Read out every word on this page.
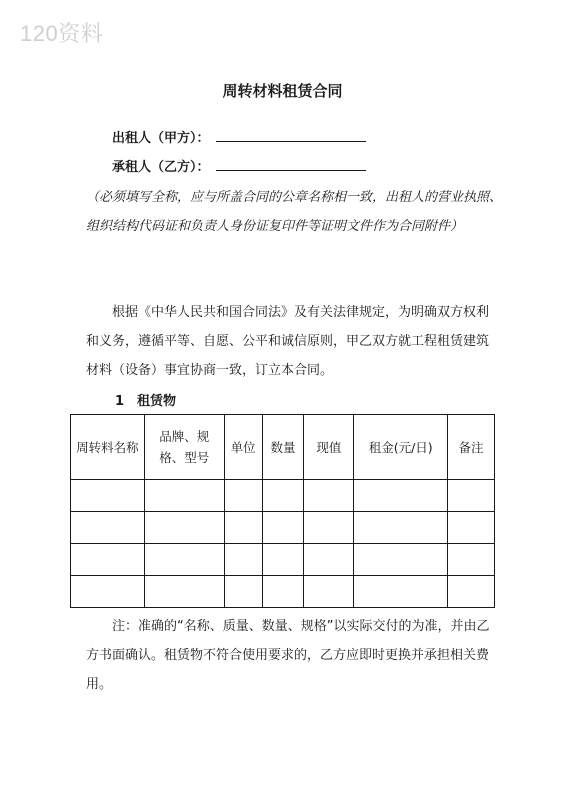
120资料
周转材料租赁合同
出租人（甲方）：
承租人（乙方）：
（必须填写全称，应与所盖合同的公章名称相一致，出租人的营业执照、组织结构代码证和负责人身份证复印件等证明文件作为合同附件）
根据《中华人民共和国合同法》及有关法律规定，为明确双方权利和义务，遵循平等、自愿、公平和诚信原则，甲乙双方就工程租赁建筑材料（设备）事宜协商一致，订立本合同。
1　租赁物
周转料名称	品牌、规格、型号	单位	数量	现值	租金(元/日)	备注

注：准确的“名称、质量、数量、规格”以实际交付的为准，并由乙方书面确认。租赁物不符合使用要求的，乙方应即时更换并承担相关费用。
